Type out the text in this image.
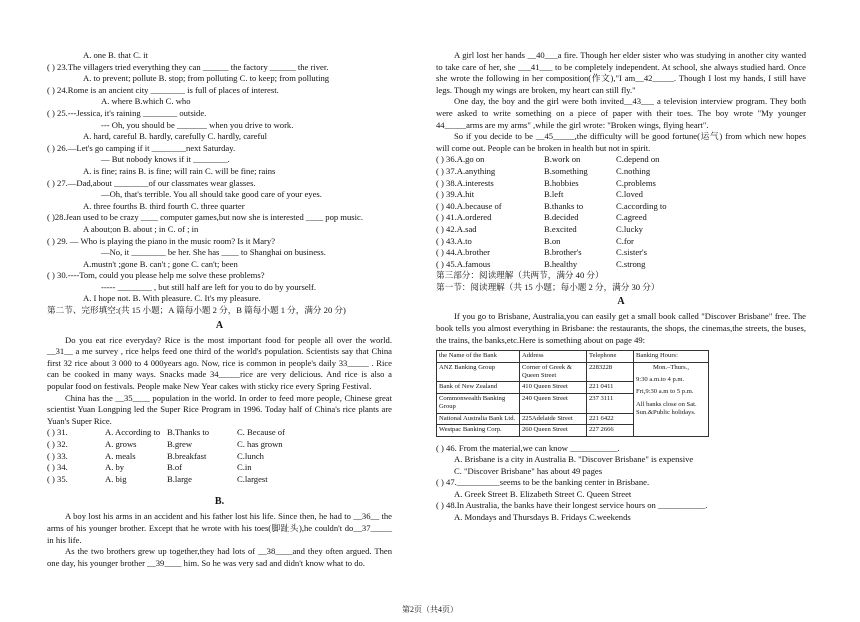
A. one B. that C. it
( ) 23.The villagers tried everything they can ______ the factory ______ the river.
A. to prevent; pollute B. stop; from polluting C. to keep; from polluting
( ) 24.Rome is an ancient city ________ is full of places of interest.
A. where B.which C. who
( ) 25.---Jessica, it's raining ________ outside.
--- Oh, you should be _______ when you drive to work.
A. hard, careful B. hardly, carefully C. hardly, careful
( ) 26.—Let's go camping if it ________next Saturday.
— But nobody knows if it ________.
A. is fine; rains B. is fine; will rain C. will be fine; rains
( ) 27.—Dad,about ________of our classmates wear glasses.
—Oh, that's terrible. You all should take good care of your eyes.
A. three fourths B. third fourth C. three quarter
( )28.Jean used to be crazy ____ computer games,but now she is interested ____ pop music.
A about;on B. about ; in C. of ; in
( ) 29. — Who is playing the piano in the music room? Is it Mary?
—No, it ________ be her. She has ____ to Shanghai on business.
A.mustn't ;gone B. can't ; gone C. can't; been
( ) 30.----Tom, could you please help me solve these problems?
----- ________ , but still half are left for you to do by yourself.
A. I hope not. B. With pleasure. C. It's my pleasure.
第二节、完形填空:(共 15 小题；A 篇每小题 2 分，B 篇每小题 1 分，满分 20 分)
A
Do you eat rice everyday? Rice is the most important food for people all over the world. __31__ a me survey , rice helps feed one third of the world's population. Scientists say that China first 32 rice about 3 000 to 4 000years ago. Now, rice is common in people's daily 33_____ . Rice can be cooked in many ways. Snacks made 34_____rice are very delicious. And rice is also a popular food on festivals. People make New Year cakes with sticky rice every Spring Festival.
China has the __35____ population in the world. In order to feed more people, Chinese great scientist Yuan Longping led the Super Rice Program in 1996. Today half of China's rice plants are Yuan's Super Rice.
( ) 31.	A. According to B.Thanks to	C. Because of
( ) 32.	A. grows	B.grew	C. has grown
( ) 33.	A. meals	B.breakfast	C.lunch
( ) 34.	A. by	B.of	C.in
( ) 35.	A. big	B.large	C.largest
B.
A boy lost his arms in an accident and his father lost his life. Since then, he had to __36__ the arms of his younger brother. Except that he wrote with his toes(脚趾头),he couldn't do__37_____ in his life.
As the two brothers grew up together,they had lots of __38____and they often argued. Then one day, his younger brother __39____ him. So he was very sad and didn't know what to do.
A girl lost her hands __40___a fire. Though her elder sister who was studying in another city wanted to take care of her, she ___41___ to be completely independent. At school, she always studied hard. Once she wrote the following in her composition(作文),"I am__42_____. Though I lost my hands, I still have legs. Though my wings are broken, my heart can still fly."
One day, the boy and the girl were both invited__43___ a television interview program. They both were asked to write something on a piece of paper with their toes. The boy wrote "My younger 44_____arms are my arms" ,while the girl wrote: "Broken wings, flying heart".
So if you decide to be __45_____,the difficulty will be good fortune(运气) from which new hopes will come out. People can be broken in health but not in spirit.
( ) 36.A.go on	B.work on	C.depend on
( ) 37.A.anything	B.something	C.nothing
( ) 38.A.interests	B.hobbies	C.problems
( ) 39.A.hit	B.left	C.loved
( ) 40.A.because of	B.thanks to	C.according to
( ) 41.A.ordered	B.decided	C.agreed
( ) 42.A.sad	B.excited	C.lucky
( ) 43.A.to	B.on	C.for
( ) 44.A.brother	B.brother's	C.sister's
( ) 45.A.famous	B.healthy	C.strong
第三部分：阅读理解（共两节，满分 40 分）
第一节：阅读理解（共 15 小题；每小题 2 分，满分 30 分）
A
If you go to Brisbane, Australia,you can easily get a small book called "Discover Brisbane" free. The book tells you almost everything in Brisbane: the restaurants, the shops, the cinemas,the streets, the buses, the trains, the banks,etc.Here is something about on page 49:
the Name of the Bank	Address	Telephone	Banking Hours:
ANZ Banking Group	Corner of Greek & Queen Street	2283228	Mon.–Thurs.,
9:30 a.m.to 4 p.m.
Fri,9:30 a.m to 5 p.m.
All banks close on Sat. Sun.&Public holidays.

Bank of New Zealand	410 Queen Street	221 0411	
Commonwealth Banking Group	240 Queen Street	237 3111	
National Australia Bank Ltd.	225Adelaide Street	221 6422	
Westpac Banking Corp.	260 Queen Street	227 2666	
( ) 46. From the material,we can know ___________.
A. Brisbane is a city in Australia B. "Discover Brisbane" is expensive
C. "Discover Brisbane" has about 49 pages
( ) 47.__________seems to be the banking center in Brisbane.
A. Greek Street B. Elizabeth Street C. Queen Street
( ) 48.In Australia, the banks have their longest service hours on ___________.
A. Mondays and Thursdays B. Fridays C.weekends
第2页（共4页）
